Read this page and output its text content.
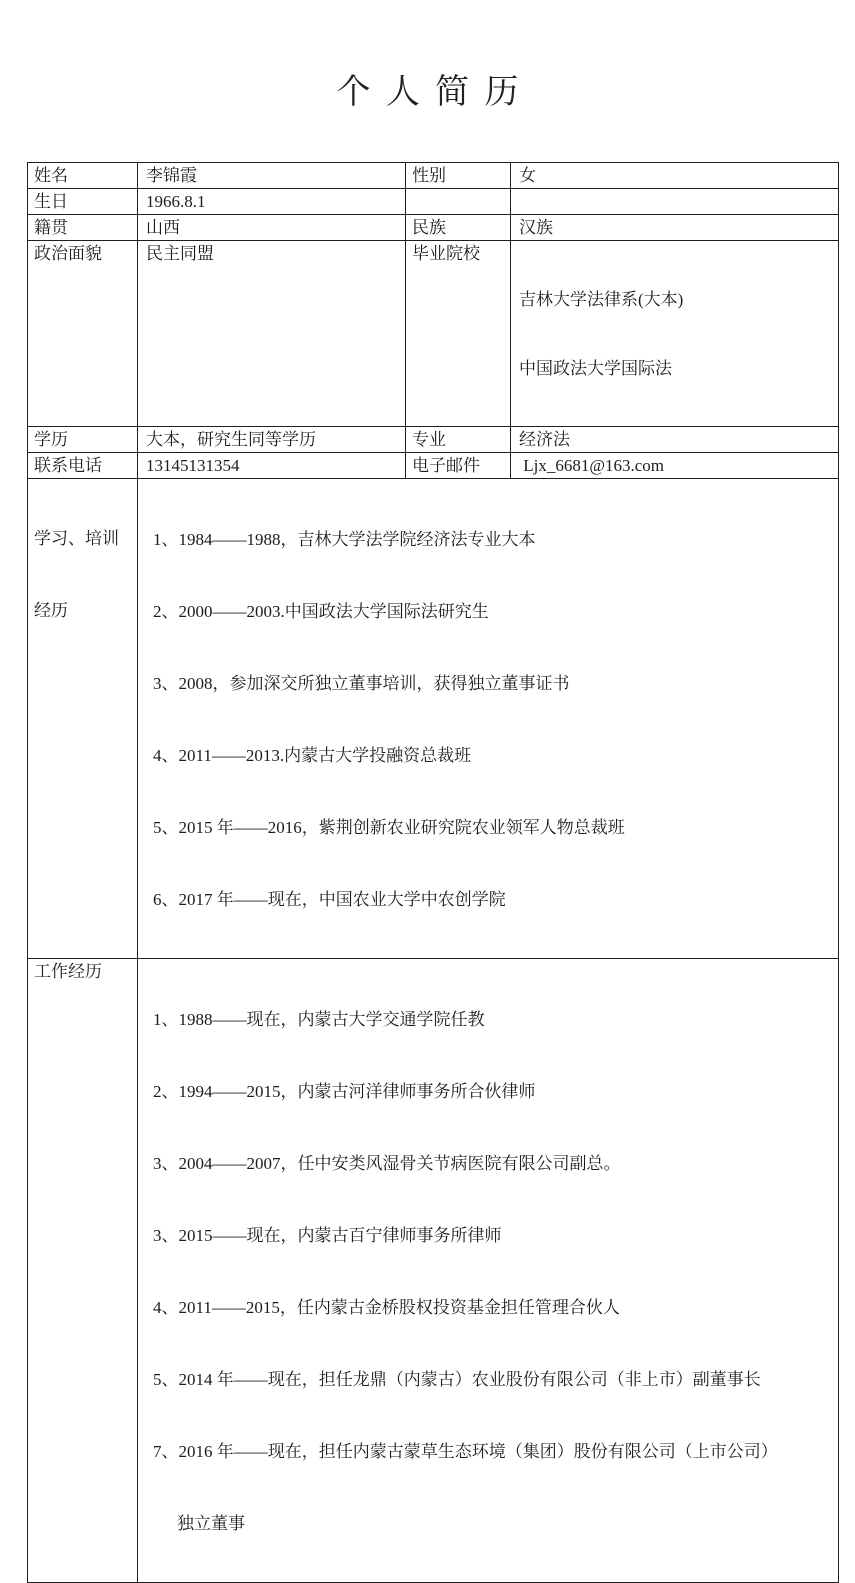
个人简历
姓名	李锦霞	性别	女
生日	1966.8.1		
籍贯	山西	民族	汉族
政治面貌	民主同盟	毕业院校	吉林大学法律系(大本)

中国政法大学国际法

学历	大本，研究生同等学历	专业	经济法
联系电话	13145131354	电子邮件	Ljx_6681@163.com

学习、培训

经历

1、1984——1988，吉林大学法学院经济法专业大本

2、2000——2003.中国政法大学国际法研究生

3、2008，参加深交所独立董事培训，获得独立董事证书

4、2011——2013.内蒙古大学投融资总裁班

5、2015 年——2016，紫荆创新农业研究院农业领军人物总裁班

6、2017 年——现在，中国农业大学中农创学院

工作经历	

1、1988——现在，内蒙古大学交通学院任教

2、1994——2015，内蒙古河洋律师事务所合伙律师

3、2004——2007，任中安类风湿骨关节病医院有限公司副总。

3、2015——现在，内蒙古百宁律师事务所律师

4、2011——2015，任内蒙古金桥股权投资基金担任管理合伙人

5、2014 年——现在，担任龙鼎（内蒙古）农业股份有限公司（非上市）副董事长

7、2016 年——现在，担任内蒙古蒙草生态环境（集团）股份有限公司（上市公司）

独立董事
